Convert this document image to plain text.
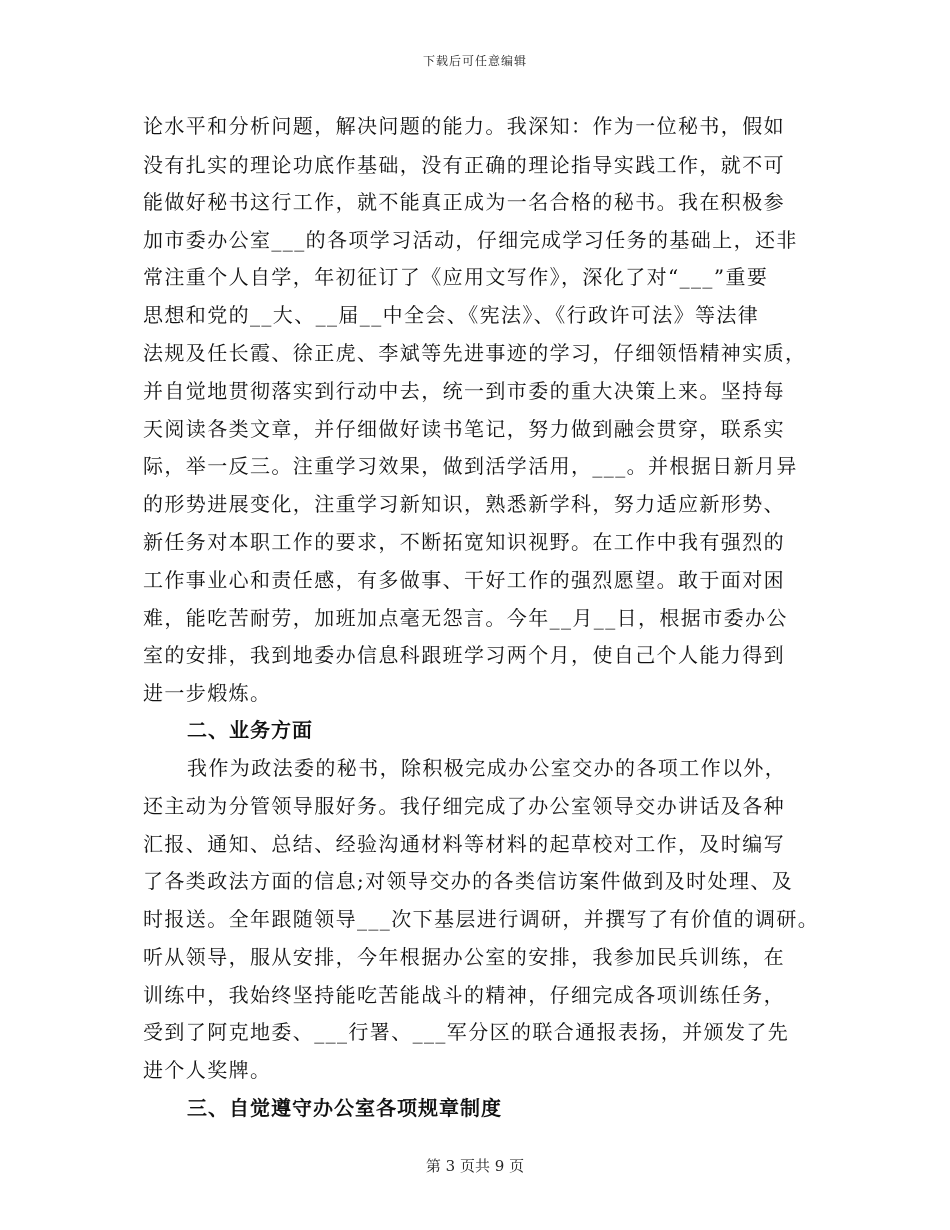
下载后可任意编辑
论水平和分析问题，解决问题的能力。我深知：作为一位秘书，假如
没有扎实的理论功底作基础，没有正确的理论指导实践工作，就不可
能做好秘书这行工作，就不能真正成为一名合格的秘书。我在积极参
加市委办公室___的各项学习活动，仔细完成学习任务的基础上，还非
常注重个人自学，年初征订了《应用文写作》，深化了对“___”重要
思想和党的__大、__届__中全会、《宪法》、《行政许可法》等法律
法规及任长霞、徐正虎、李斌等先进事迹的学习，仔细领悟精神实质，
并自觉地贯彻落实到行动中去，统一到市委的重大决策上来。坚持每
天阅读各类文章，并仔细做好读书笔记，努力做到融会贯穿，联系实
际，举一反三。注重学习效果，做到活学活用，___。并根据日新月异
的形势进展变化，注重学习新知识，熟悉新学科，努力适应新形势、
新任务对本职工作的要求，不断拓宽知识视野。在工作中我有强烈的
工作事业心和责任感，有多做事、干好工作的强烈愿望。敢于面对困
难，能吃苦耐劳，加班加点毫无怨言。今年__月__日，根据市委办公
室的安排，我到地委办信息科跟班学习两个月，使自己个人能力得到
进一步煅炼。
二、业务方面
我作为政法委的秘书，除积极完成办公室交办的各项工作以外，
还主动为分管领导服好务。我仔细完成了办公室领导交办讲话及各种
汇报、通知、总结、经验沟通材料等材料的起草校对工作，及时编写
了各类政法方面的信息;对领导交办的各类信访案件做到及时处理、及
时报送。全年跟随领导___次下基层进行调研，并撰写了有价值的调研。
听从领导，服从安排，今年根据办公室的安排，我参加民兵训练，在
训练中，我始终坚持能吃苦能战斗的精神，仔细完成各项训练任务，
受到了阿克地委、___行署、___军分区的联合通报表扬，并颁发了先
进个人奖牌。
三、自觉遵守办公室各项规章制度
第 3 页共 9 页
